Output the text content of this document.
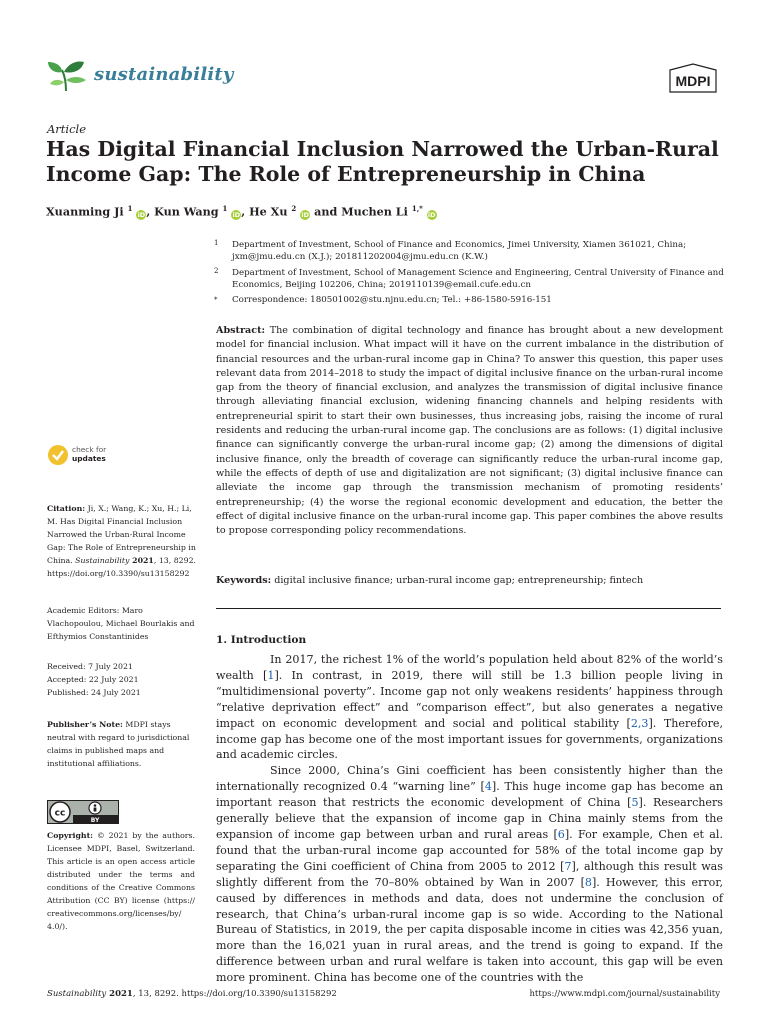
sustainability	MDPI
Article
Has Digital Financial Inclusion Narrowed the Urban-Rural Income Gap: The Role of Entrepreneurship in China
Xuanming Ji $^1$ iD, Kun Wang $^1$ iD, He Xu $^2$ iD and Muchen Li $^{1,*}$ iD
1 Department of Investment, School of Finance and Economics, Jimei University, Xiamen 361021, China; jxm@jmu.edu.cn (X.J.); 201811202004@jmu.edu.cn (K.W.)
2 Department of Investment, School of Management Science and Engineering, Central University of Finance and Economics, Beijing 102206, China; 2019110139@email.cufe.edu.cn
* Correspondence: 180501002@stu.njnu.edu.cn; Tel.: +86-1580-5916-151
Abstract: The combination of digital technology and finance has brought about a new development model for financial inclusion. What impact will it have on the current imbalance in the distribution of financial resources and the urban-rural income gap in China? To answer this question, this paper uses relevant data from 2014–2018 to study the impact of digital inclusive finance on the urban-rural income gap from the theory of financial exclusion, and analyzes the transmission of digital inclusive finance through alleviating financial exclusion, widening financing channels and helping residents with entrepreneurial spirit to start their own businesses, thus increasing jobs, raising the income of rural residents and reducing the urban-rural income gap. The conclusions are as follows: (1) digital inclusive finance can significantly converge the urban-rural income gap; (2) among the dimensions of digital inclusive finance, only the breadth of coverage can significantly reduce the urban-rural income gap, while the effects of depth of use and digitalization are not significant; (3) digital inclusive finance can alleviate the income gap through the transmission mechanism of promoting residents’ entrepreneurship; (4) the worse the regional economic development and education, the better the effect of digital inclusive finance on the urban-rural income gap. This paper combines the above results to propose corresponding policy recommendations.
Keywords: digital inclusive finance; urban-rural income gap; entrepreneurship; fintech
check for
updates
Citation: Ji, X.; Wang, K.; Xu, H.; Li, M. Has Digital Financial Inclusion Narrowed the Urban-Rural Income Gap: The Role of Entrepreneurship in China. Sustainability 2021, 13, 8292. https://doi.org/10.3390/su13158292
Academic Editors: Maro Vlachopoulou, Michael Bourlakis and Efthymios Constantinides
Received: 7 July 2021
Accepted: 22 July 2021
Published: 24 July 2021
Publisher’s Note: MDPI stays neutral with regard to jurisdictional claims in published maps and institutional affiliations.
cc
BY
Copyright: © 2021 by the authors. Licensee MDPI, Basel, Switzerland. This article is an open access article distributed under the terms and conditions of the Creative Commons Attribution (CC BY) license (https:// creativecommons.org/licenses/by/ 4.0/).
1. Introduction

In 2017, the richest 1% of the world’s population held about 82% of the world’s wealth [1]. In contrast, in 2019, there will still be 1.3 billion people living in “multidimensional poverty”. Income gap not only weakens residents’ happiness through “relative deprivation effect” and “comparison effect”, but also generates a negative impact on economic development and social and political stability [2,3]. Therefore, income gap has become one of the most important issues for governments, organizations and academic circles.

Since 2000, China’s Gini coefficient has been consistently higher than the internationally recognized 0.4 “warning line” [4]. This huge income gap has become an important reason that restricts the economic development of China [5]. Researchers generally believe that the expansion of income gap in China mainly stems from the expansion of income gap between urban and rural areas [6]. For example, Chen et al. found that the urban-rural income gap accounted for 58% of the total income gap by separating the Gini coefficient of China from 2005 to 2012 [7], although this result was slightly different from the 70–80% obtained by Wan in 2007 [8]. However, this error, caused by differences in methods and data, does not undermine the conclusion of research, that China’s urban-rural income gap is so wide. According to the National Bureau of Statistics, in 2019, the per capita disposable income in cities was 42,356 yuan, more than the 16,021 yuan in rural areas, and the trend is going to expand. If the difference between urban and rural welfare is taken into account, this gap will be even more prominent. China has become one of the countries with the

Sustainability 2021, 13, 8292. https://doi.org/10.3390/su13158292	https://www.mdpi.com/journal/sustainability
